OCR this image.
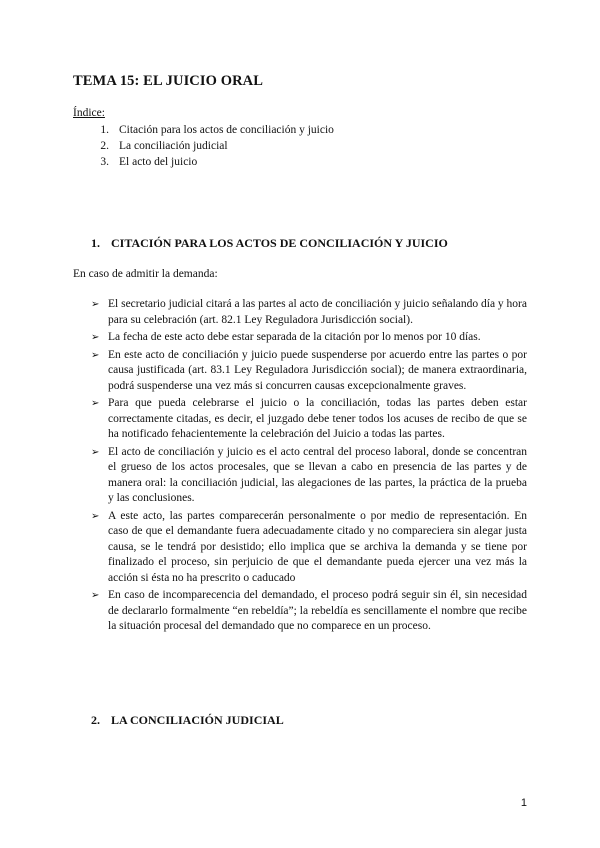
TEMA 15: EL JUICIO ORAL
Índice:
1. Citación para los actos de conciliación y juicio
2. La conciliación judicial
3. El acto del juicio
1. CITACIÓN PARA LOS ACTOS DE CONCILIACIÓN Y JUICIO
En caso de admitir la demanda:
➢ El secretario judicial citará a las partes al acto de conciliación y juicio señalando día y hora para su celebración (art. 82.1 Ley Reguladora Jurisdicción social).
➢ La fecha de este acto debe estar separada de la citación por lo menos por 10 días.
➢ En este acto de conciliación y juicio puede suspenderse por acuerdo entre las partes o por causa justificada (art. 83.1 Ley Reguladora Jurisdicción social); de manera extraordinaria, podrá suspenderse una vez más si concurren causas excepcionalmente graves.
➢ Para que pueda celebrarse el juicio o la conciliación, todas las partes deben estar correctamente citadas, es decir, el juzgado debe tener todos los acuses de recibo de que se ha notificado fehacientemente la celebración del Juicio a todas las partes.
➢ El acto de conciliación y juicio es el acto central del proceso laboral, donde se concentran el grueso de los actos procesales, que se llevan a cabo en presencia de las partes y de manera oral: la conciliación judicial, las alegaciones de las partes, la práctica de la prueba y las conclusiones.
➢ A este acto, las partes comparecerán personalmente o por medio de representación. En caso de que el demandante fuera adecuadamente citado y no compareciera sin alegar justa causa, se le tendrá por desistido; ello implica que se archiva la demanda y se tiene por finalizado el proceso, sin perjuicio de que el demandante pueda ejercer una vez más la acción si ésta no ha prescrito o caducado
➢ En caso de incomparecencia del demandado, el proceso podrá seguir sin él, sin necesidad de declararlo formalmente “en rebeldía”; la rebeldía es sencillamente el nombre que recibe la situación procesal del demandado que no comparece en un proceso.
2. LA CONCILIACIÓN JUDICIAL
1
